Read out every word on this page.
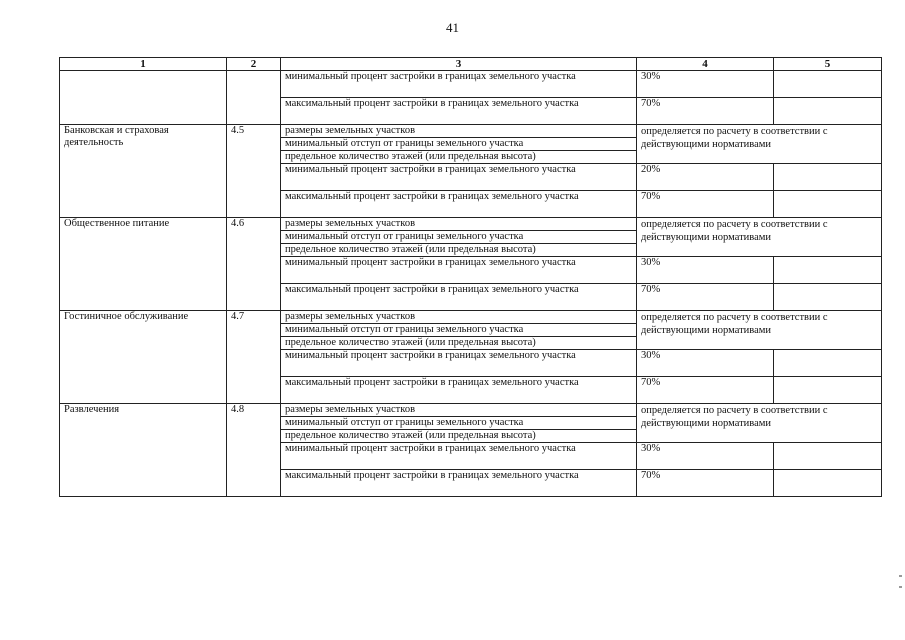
41
1	2	3	4	5
		минимальный процент застройки в границах земельного участка	30%	
		максимальный процент застройки в границах земельного участка	70%	
Банковская и страховая деятельность	4.5	размеры земельных участков	определяется по расчету в соответствии с действующими нормативами	
		минимальный отступ от границы земельного участка		
		предельное количество этажей (или предельная высота)		
		минимальный процент застройки в границах земельного участка	20%	
		максимальный процент застройки в границах земельного участка	70%	
Общественное питание	4.6	размеры земельных участков	определяется по расчету в соответствии с действующими нормативами	
		минимальный отступ от границы земельного участка		
		предельное количество этажей (или предельная высота)		
		минимальный процент застройки в границах земельного участка	30%	
		максимальный процент застройки в границах земельного участка	70%	
Гостиничное обслуживание	4.7	размеры земельных участков	определяется по расчету в соответствии с действующими нормативами	
		минимальный отступ от границы земельного участка		
		предельное количество этажей (или предельная высота)		
		минимальный процент застройки в границах земельного участка	30%	
		максимальный процент застройки в границах земельного участка	70%	
Развлечения	4.8	размеры земельных участков	определяется по расчету в соответствии с действующими нормативами	
		минимальный отступ от границы земельного участка		
		предельное количество этажей (или предельная высота)		
		минимальный процент застройки в границах земельного участка	30%	
		максимальный процент застройки в границах земельного участка	70%	
